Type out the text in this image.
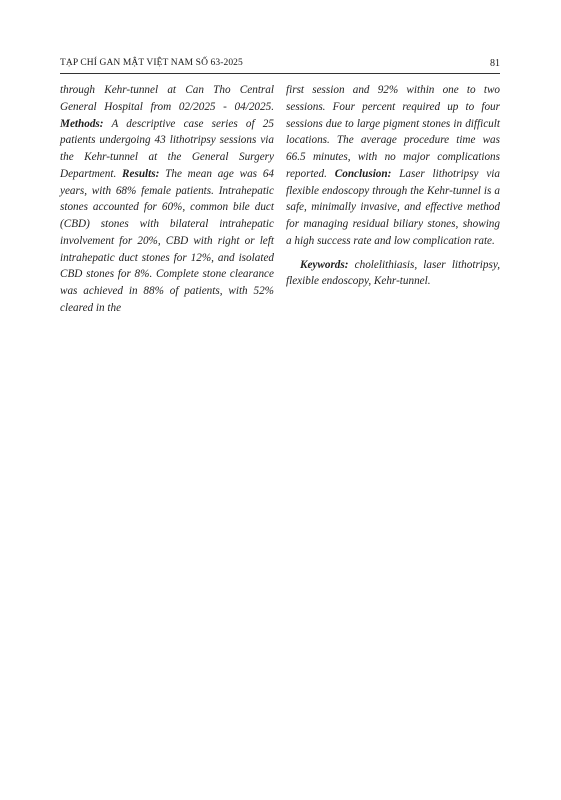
TẠP CHÍ GAN MẬT VIỆT NAM SỐ 63-2025	81

through Kehr-tunnel at Can Tho Central General Hospital from 02/2025 - 04/2025. Methods: A descriptive case series of 25 patients undergoing 43 lithotripsy sessions via the Kehr-tunnel at the General Surgery Department. Results: The mean age was 64 years, with 68% female patients. Intrahepatic stones accounted for 60%, common bile duct (CBD) stones with bilateral intrahepatic involvement for 20%, CBD with right or left intrahepatic duct stones for 12%, and isolated CBD stones for 8%. Complete stone clearance was achieved in 88% of patients, with 52% cleared in the

first session and 92% within one to two sessions. Four percent required up to four sessions due to large pigment stones in difficult locations. The average procedure time was 66.5 minutes, with no major complications reported. Conclusion: Laser lithotripsy via flexible endoscopy through the Kehr-tunnel is a safe, minimally invasive, and effective method for managing residual biliary stones, showing a high success rate and low complication rate.

Keywords: cholelithiasis, laser lithotripsy, flexible endoscopy, Kehr-tunnel.
